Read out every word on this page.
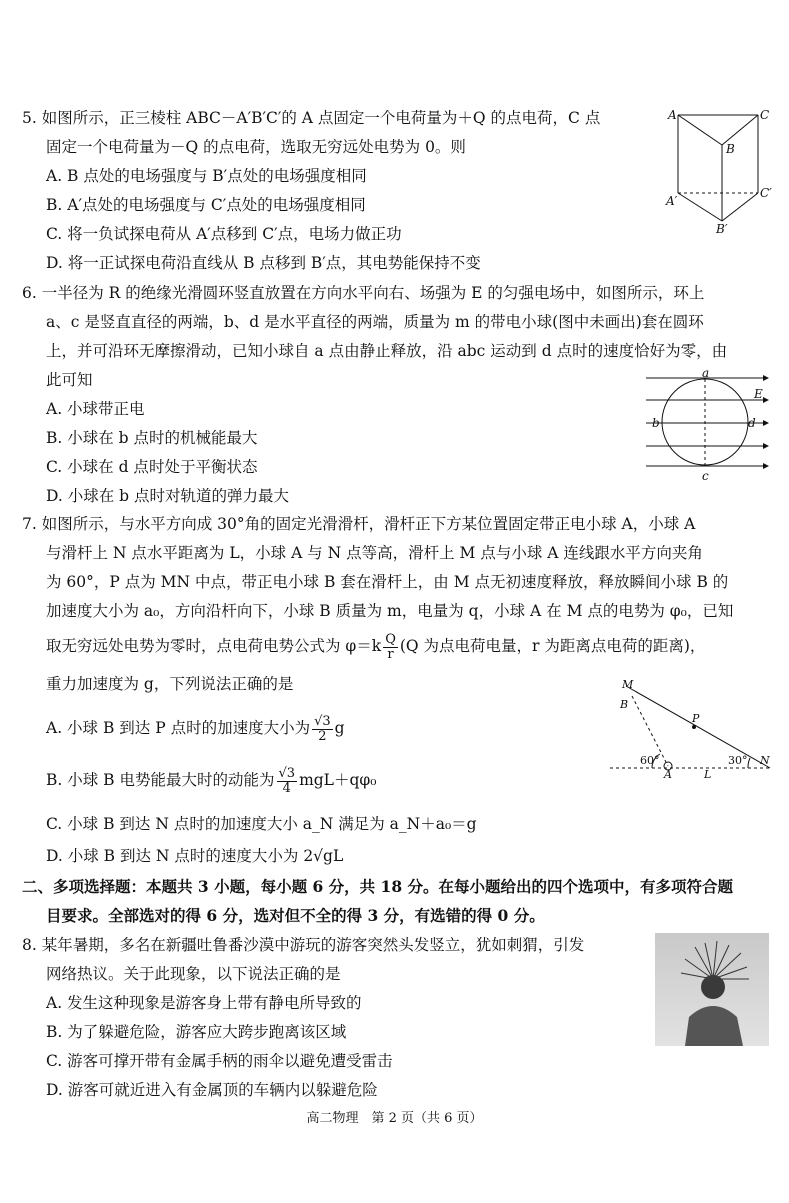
5. 如图所示，正三棱柱 ABC－A′B′C′的 A 点固定一个电荷量为＋Q 的点电荷，C 点
固定一个电荷量为－Q 的点电荷，选取无穷远处电势为 0。则
A. B 点处的电场强度与 B′点处的电场强度相同
B. A′点处的电场强度与 C′点处的电场强度相同
C. 将一负试探电荷从 A′点移到 C′点，电场力做正功
D. 将一正试探电荷沿直线从 B 点移到 B′点，其电势能保持不变
A	C
B
A′
C′
B′
6. 一半径为 R 的绝缘光滑圆环竖直放置在方向水平向右、场强为 E 的匀强电场中，如图所示，环上
a、c 是竖直直径的两端，b、d 是水平直径的两端，质量为 m 的带电小球(图中未画出)套在圆环
上，并可沿环无摩擦滑动，已知小球自 a 点由静止释放，沿 abc 运动到 d 点时的速度恰好为零，由
此可知
A. 小球带正电
B. 小球在 b 点时的机械能最大
C. 小球在 d 点时处于平衡状态
D. 小球在 b 点时对轨道的弹力最大
a
b
c
d
E
7. 如图所示，与水平方向成 30°角的固定光滑滑杆，滑杆正下方某位置固定带正电小球 A，小球 A
与滑杆上 N 点水平距离为 L，小球 A 与 N 点等高，滑杆上 M 点与小球 A 连线跟水平方向夹角
为 60°，P 点为 MN 中点，带正电小球 B 套在滑杆上，由 M 点无初速度释放，释放瞬间小球 B 的
加速度大小为 a₀，方向沿杆向下，小球 B 质量为 m，电量为 q，小球 A 在 M 点的电势为 φ₀，已知
取无穷远处电势为零时，点电荷电势公式为 $\varphi=k \frac{Q}{r} (Q$ 为点电荷电量，r 为距离点电荷的距离)，
重力加速度为 g，下列说法正确的是
A. 小球 B 到达 P 点时的加速度大小为 $\frac{√3}{2}$ g
B. 小球 B 电势能最大时的动能为 $\frac{√3}{4} mgL+q\varphi_0$
C. 小球 B 到达 N 点时的加速度大小 a_N 满足为 a_N＋a₀＝g
D. 小球 B 到达 N 点时的速度大小为 2√gL
M
B
P
N
A	L
60°	30°
二、多项选择题：本题共 3 小题，每小题 6 分，共 18 分。在每小题给出的四个选项中，有多项符合题
目要求。全部选对的得 6 分，选对但不全的得 3 分，有选错的得 0 分。
8. 某年暑期，多名在新疆吐鲁番沙漠中游玩的游客突然头发竖立，犹如刺猬，引发
网络热议。关于此现象，以下说法正确的是
A. 发生这种现象是游客身上带有静电所导致的
B. 为了躲避危险，游客应大跨步跑离该区域
C. 游客可撑开带有金属手柄的雨伞以避免遭受雷击
D. 游客可就近进入有金属顶的车辆内以躲避危险
高二物理　第 2 页（共 6 页）
